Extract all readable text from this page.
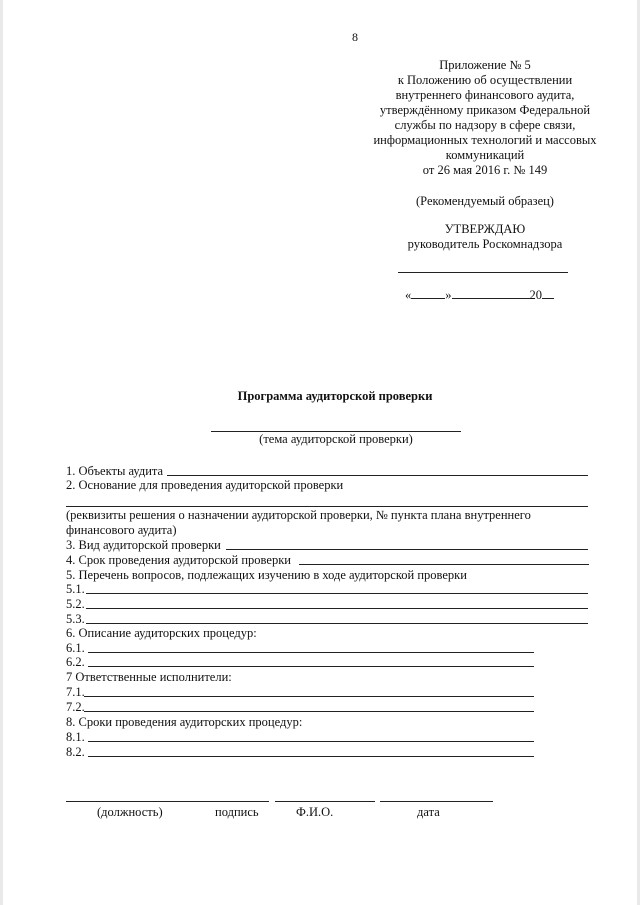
8
Приложение № 5
к Положению об осуществлении
внутреннего финансового аудита,
утверждённому приказом Федеральной
службы по надзору в сфере связи,
информационных технологий и массовых
коммуникаций
от 26 мая 2016 г. № 149
(Рекомендуемый образец)
УТВЕРЖДАЮ
руководитель Роскомнадзора
«	»	20
Программа аудиторской проверки
(тема аудиторской проверки)
1. Объекты аудита
2. Основание для проведения аудиторской проверки
(реквизиты решения о назначении аудиторской проверки, № пункта плана внутреннего
финансового аудита)
3. Вид аудиторской проверки
4. Срок проведения аудиторской проверки
5. Перечень вопросов, подлежащих изучению в ходе аудиторской проверки
5.1.
5.2.
5.3.
6. Описание аудиторских процедур:
6.1.
6.2.
7 Ответственные исполнители:
7.1.
7.2.
8. Сроки проведения аудиторских процедур:
8.1.
8.2.
(должность)	подпись	Ф.И.О.	дата
